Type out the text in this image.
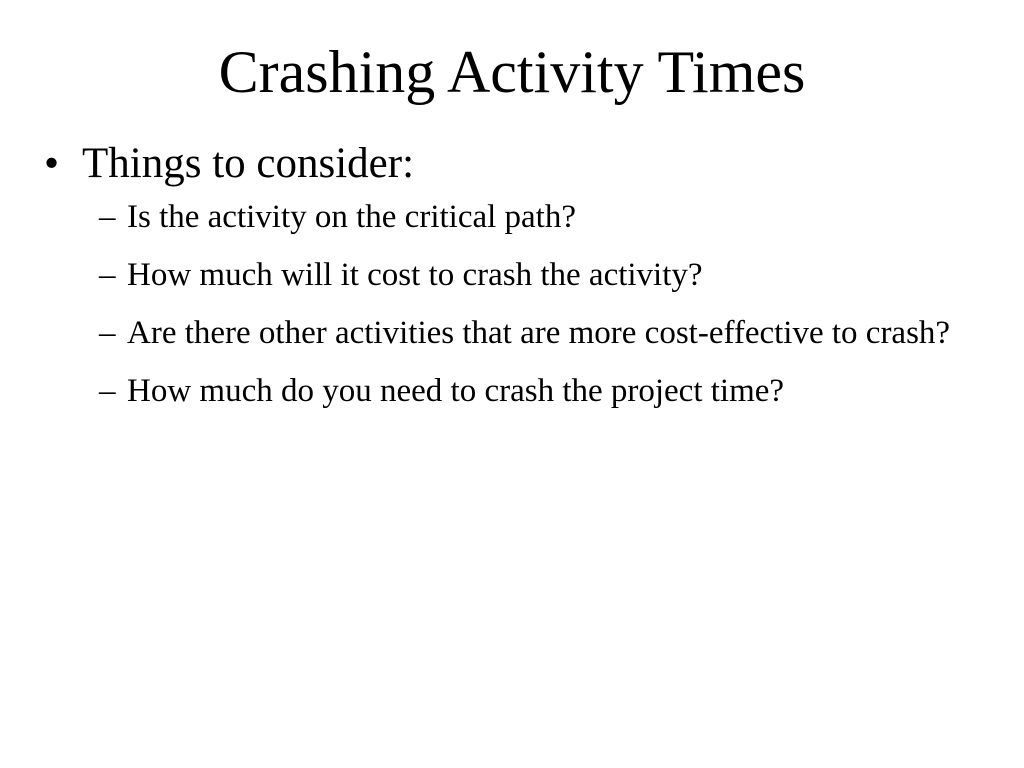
Crashing Activity Times
• Things to consider:
– Is the activity on the critical path?
– How much will it cost to crash the activity?
– Are there other activities that are more cost-effective to crash?
– How much do you need to crash the project time?
